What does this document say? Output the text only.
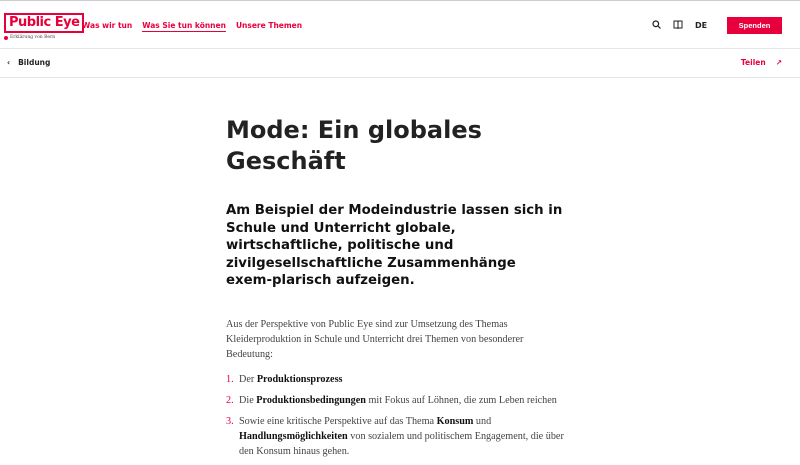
Public Eye
Erklärung von Bern
Was wir tun Was Sie tun können Unsere Themen	DE	Spenden
‹ Bildung	Teilen ↗
Mode: Ein globales Geschäft

Am Beispiel der Modeindustrie lassen sich in Schule und Unterricht globale, wirtschaftliche, politische und zivilgesellschaftliche Zusammenhänge exem-plarisch aufzeigen.

Aus der Perspektive von Public Eye sind zur Umsetzung des Themas Kleiderproduktion in Schule und Unterricht drei Themen von besonderer Bedeutung:

1. Der Produktionsprozess
2. Die Produktionsbedingungen mit Fokus auf Löhnen, die zum Leben reichen
3. Sowie eine kritische Perspektive auf das Thema Konsum und Handlungsmöglichkeiten von sozialem und politischem Engagement, die über den Konsum hinaus gehen.
